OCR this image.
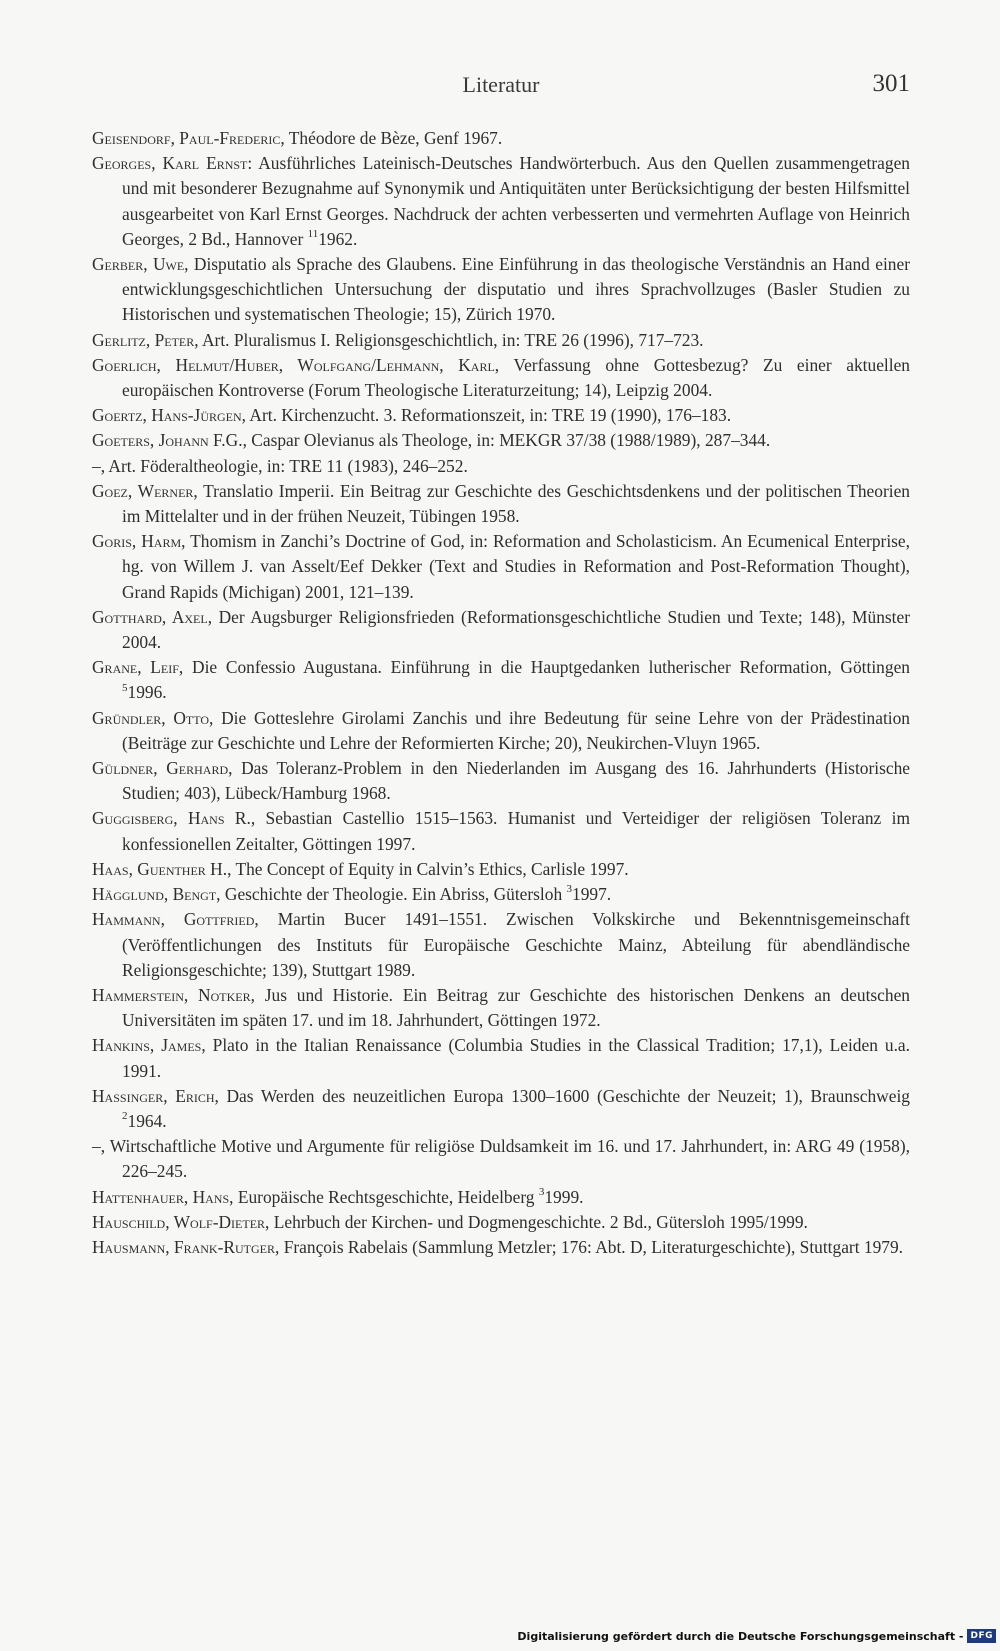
Literatur	301
Geisendorf, Paul-Frederic, Théodore de Bèze, Genf 1967.
Georges, Karl Ernst: Ausführliches Lateinisch-Deutsches Handwörterbuch. Aus den Quellen zusammengetragen und mit besonderer Bezugnahme auf Synonymik und Antiquitäten unter Berücksichtigung der besten Hilfsmittel ausgearbeitet von Karl Ernst Georges. Nachdruck der achten verbesserten und vermehrten Auflage von Heinrich Georges, 2 Bd., Hannover $^{11}$1962.
Gerber, Uwe, Disputatio als Sprache des Glaubens. Eine Einführung in das theologische Verständnis an Hand einer entwicklungsgeschichtlichen Untersuchung der disputatio und ihres Sprachvollzuges (Basler Studien zu Historischen und systematischen Theologie; 15), Zürich 1970.
Gerlitz, Peter, Art. Pluralismus I. Religionsgeschichtlich, in: TRE 26 (1996), 717–723.
Goerlich, Helmut/Huber, Wolfgang/Lehmann, Karl, Verfassung ohne Gottesbezug? Zu einer aktuellen europäischen Kontroverse (Forum Theologische Literaturzeitung; 14), Leipzig 2004.
Goertz, Hans-Jürgen, Art. Kirchenzucht. 3. Reformationszeit, in: TRE 19 (1990), 176–183.
Goeters, Johann F.G., Caspar Olevianus als Theologe, in: MEKGR 37/38 (1988/1989), 287–344.
–, Art. Föderaltheologie, in: TRE 11 (1983), 246–252.
Goez, Werner, Translatio Imperii. Ein Beitrag zur Geschichte des Geschichtsdenkens und der politischen Theorien im Mittelalter und in der frühen Neuzeit, Tübingen 1958.
Goris, Harm, Thomism in Zanchi’s Doctrine of God, in: Reformation and Scholasticism. An Ecumenical Enterprise, hg. von Willem J. van Asselt/Eef Dekker (Text and Studies in Reformation and Post-Reformation Thought), Grand Rapids (Michigan) 2001, 121–139.
Gotthard, Axel, Der Augsburger Religionsfrieden (Reformationsgeschichtliche Studien und Texte; 148), Münster 2004.
Grane, Leif, Die Confessio Augustana. Einführung in die Hauptgedanken lutherischer Reformation, Göttingen $^5$1996.
Gründler, Otto, Die Gotteslehre Girolami Zanchis und ihre Bedeutung für seine Lehre von der Prädestination (Beiträge zur Geschichte und Lehre der Reformierten Kirche; 20), Neukirchen-Vluyn 1965.
Güldner, Gerhard, Das Toleranz-Problem in den Niederlanden im Ausgang des 16. Jahrhunderts (Historische Studien; 403), Lübeck/Hamburg 1968.
Guggisberg, Hans R., Sebastian Castellio 1515–1563. Humanist und Verteidiger der religiösen Toleranz im konfessionellen Zeitalter, Göttingen 1997.
Haas, Guenther H., The Concept of Equity in Calvin’s Ethics, Carlisle 1997.
Hägglund, Bengt, Geschichte der Theologie. Ein Abriss, Gütersloh $^3$1997.
Hammann, Gottfried, Martin Bucer 1491–1551. Zwischen Volkskirche und Bekenntnisgemeinschaft (Veröffentlichungen des Instituts für Europäische Geschichte Mainz, Abteilung für abendländische Religionsgeschichte; 139), Stuttgart 1989.
Hammerstein, Notker, Jus und Historie. Ein Beitrag zur Geschichte des historischen Denkens an deutschen Universitäten im späten 17. und im 18. Jahrhundert, Göttingen 1972.
Hankins, James, Plato in the Italian Renaissance (Columbia Studies in the Classical Tradition; 17,1), Leiden u.a. 1991.
Hassinger, Erich, Das Werden des neuzeitlichen Europa 1300–1600 (Geschichte der Neuzeit; 1), Braunschweig $^2$1964.
–, Wirtschaftliche Motive und Argumente für religiöse Duldsamkeit im 16. und 17. Jahrhundert, in: ARG 49 (1958), 226–245.
Hattenhauer, Hans, Europäische Rechtsgeschichte, Heidelberg $^3$1999.
Hauschild, Wolf-Dieter, Lehrbuch der Kirchen- und Dogmengeschichte. 2 Bd., Gütersloh 1995/1999.
Hausmann, Frank-Rutger, François Rabelais (Sammlung Metzler; 176: Abt. D, Literaturgeschichte), Stuttgart 1979.
Digitalisierung gefördert durch die Deutsche Forschungsgemeinschaft - DFG
